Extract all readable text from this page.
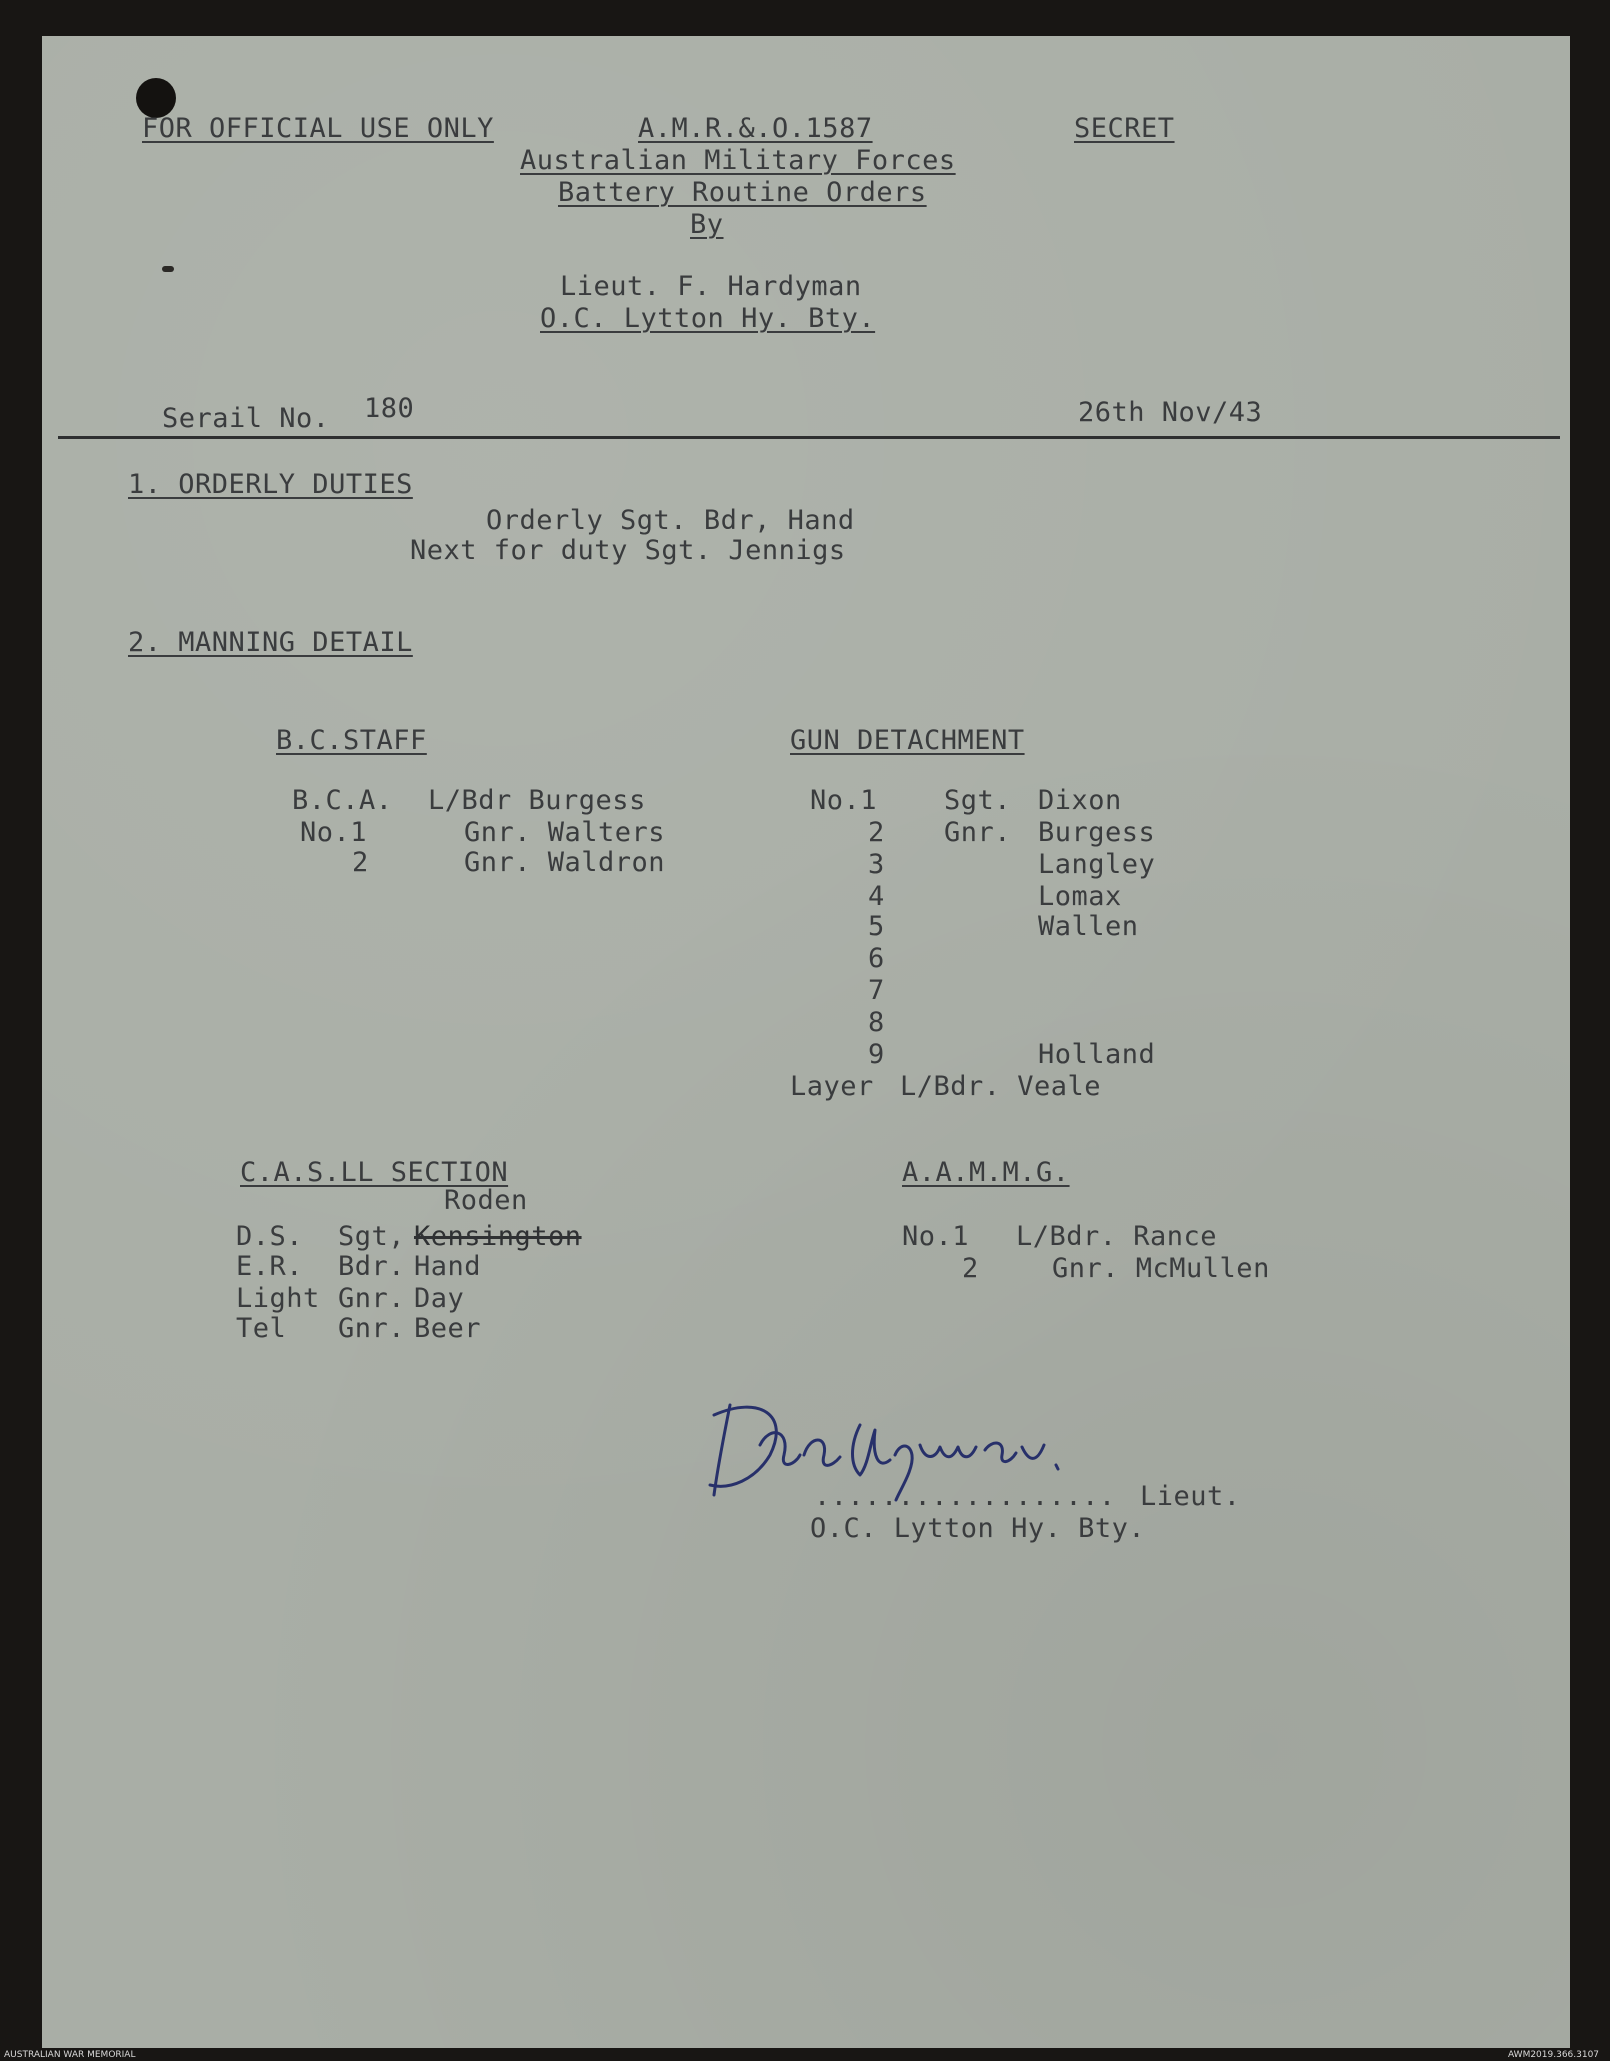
FOR OFFICIAL USE ONLY	A.M.R.&.O.1587	SECRET
Australian Military Forces
Battery Routine Orders
By
Lieut. F. Hardyman
O.C. Lytton Hy. Bty.
Serail No. 180	26th Nov/43
1. ORDERLY DUTIES
Orderly Sgt. Bdr, Hand
Next for duty Sgt. Jennigs
2. MANNING DETAIL
B.C.STAFF
B.C.A. L/Bdr Burgess
No.1	Gnr. Walters
2	Gnr. Waldron
GUN DETACHMENT
No.1 Sgt. Dixon
2 Gnr. Burgess
3	Langley
4	Lomax
5	Wallen
6
7
8
9	Holland
Layer L/Bdr. Veale
C.A.S.LL SECTION
Roden
D.S. Sgt, Kensington
E.R. Bdr. Hand
Light Gnr. Day
Tel Gnr. Beer
A.A.M.M.G.
No.1 L/Bdr. Rance
2	Gnr. McMullen
.................. Lieut.
O.C. Lytton Hy. Bty.
AUSTRALIAN WAR MEMORIAL	AWM2019.366.3107
